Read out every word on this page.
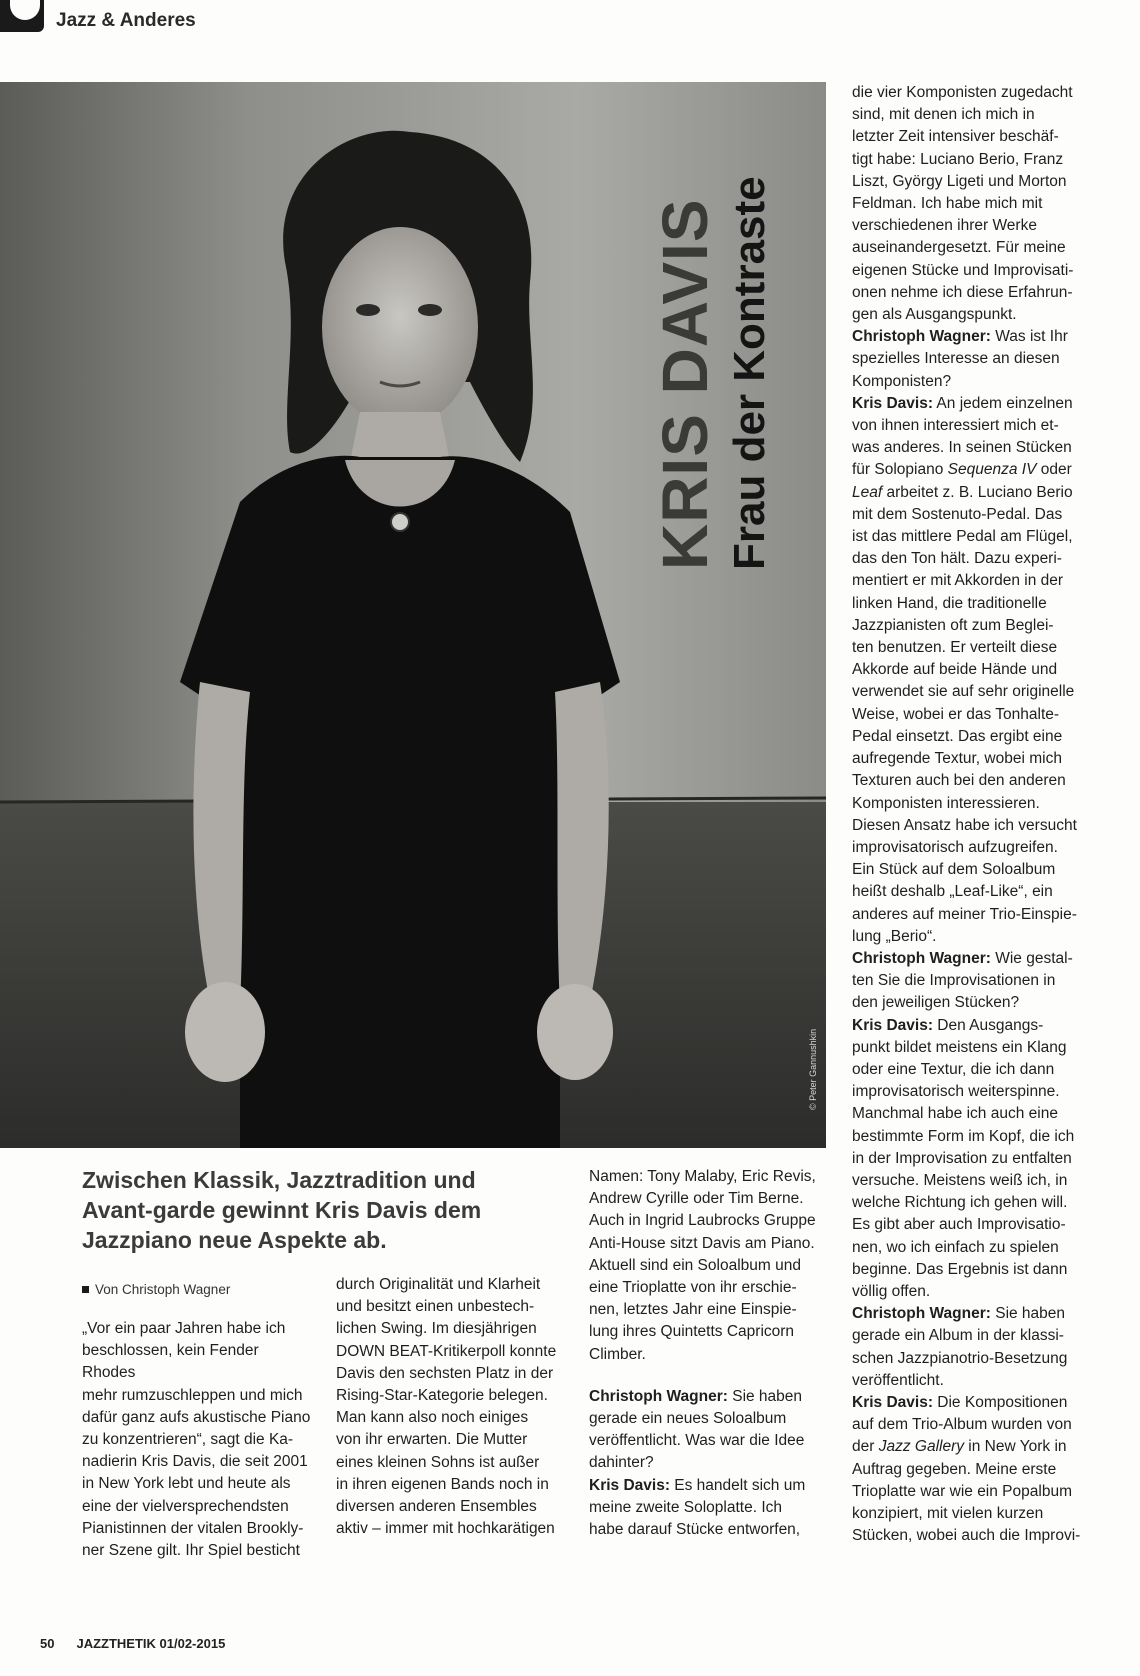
Jazz & Anderes
KRIS DAVIS Frau der Kontraste
© Peter Gannushkin
Zwischen Klassik, Jazztradition und Avant-garde gewinnt Kris Davis dem Jazzpiano neue Aspekte ab.
Von Christoph Wagner

„Vor ein paar Jahren habe ich

beschlossen, kein Fender Rhodes

mehr rumzuschleppen und mich

dafür ganz aufs akustische Piano

zu konzentrieren“, sagt die Ka-

nadierin Kris Davis, die seit 2001

in New York lebt und heute als

eine der vielversprechendsten

Pianistinnen der vitalen Brookly-

ner Szene gilt. Ihr Spiel besticht

durch Originalität und Klarheit

und besitzt einen unbestech-

lichen Swing. Im diesjährigen

DOWN BEAT-Kritikerpoll konnte

Davis den sechsten Platz in der

Rising-Star-Kategorie belegen.

Man kann also noch einiges

von ihr erwarten. Die Mutter

eines kleinen Sohns ist außer

in ihren eigenen Bands noch in

diversen anderen Ensembles

aktiv – immer mit hochkarätigen

Namen: Tony Malaby, Eric Revis,

Andrew Cyrille oder Tim Berne.

Auch in Ingrid Laubrocks Gruppe

Anti-House sitzt Davis am Piano.

Aktuell sind ein Soloalbum und

eine Trioplatte von ihr erschie-

nen, letztes Jahr eine Einspie-

lung ihres Quintetts Capricorn

Climber.

Christoph Wagner: Sie haben

gerade ein neues Soloalbum

veröffentlicht. Was war die Idee

dahinter?

Kris Davis: Es handelt sich um

meine zweite Soloplatte. Ich

habe darauf Stücke entworfen,

die vier Komponisten zugedacht

sind, mit denen ich mich in

letzter Zeit intensiver beschäf-

tigt habe: Luciano Berio, Franz

Liszt, György Ligeti und Morton

Feldman. Ich habe mich mit

verschiedenen ihrer Werke

auseinandergesetzt. Für meine

eigenen Stücke und Improvisati-

onen nehme ich diese Erfahrun-

gen als Ausgangspunkt.

Christoph Wagner: Was ist Ihr

spezielles Interesse an diesen

Komponisten?

Kris Davis: An jedem einzelnen

von ihnen interessiert mich et-

was anderes. In seinen Stücken

für Solopiano Sequenza IV oder

Leaf arbeitet z. B. Luciano Berio

mit dem Sostenuto-Pedal. Das

ist das mittlere Pedal am Flügel,

das den Ton hält. Dazu experi-

mentiert er mit Akkorden in der

linken Hand, die traditionelle

Jazzpianisten oft zum Beglei-

ten benutzen. Er verteilt diese

Akkorde auf beide Hände und

verwendet sie auf sehr originelle

Weise, wobei er das Tonhalte-

Pedal einsetzt. Das ergibt eine

aufregende Textur, wobei mich

Texturen auch bei den anderen

Komponisten interessieren.

Diesen Ansatz habe ich versucht

improvisatorisch aufzugreifen.

Ein Stück auf dem Soloalbum

heißt deshalb „Leaf-Like“, ein

anderes auf meiner Trio-Einspie-

lung „Berio“.

Christoph Wagner: Wie gestal-

ten Sie die Improvisationen in

den jeweiligen Stücken?

Kris Davis: Den Ausgangs-

punkt bildet meistens ein Klang

oder eine Textur, die ich dann

improvisatorisch weiterspinne.

Manchmal habe ich auch eine

bestimmte Form im Kopf, die ich

in der Improvisation zu entfalten

versuche. Meistens weiß ich, in

welche Richtung ich gehen will.

Es gibt aber auch Improvisatio-

nen, wo ich einfach zu spielen

beginne. Das Ergebnis ist dann

völlig offen.

Christoph Wagner: Sie haben

gerade ein Album in der klassi-

schen Jazzpianotrio-Besetzung

veröffentlicht.

Kris Davis: Die Kompositionen

auf dem Trio-Album wurden von

der Jazz Gallery in New York in

Auftrag gegeben. Meine erste

Trioplatte war wie ein Popalbum

konzipiert, mit vielen kurzen

Stücken, wobei auch die Improvi-

50 JAZZTHETIK 01/02-2015
